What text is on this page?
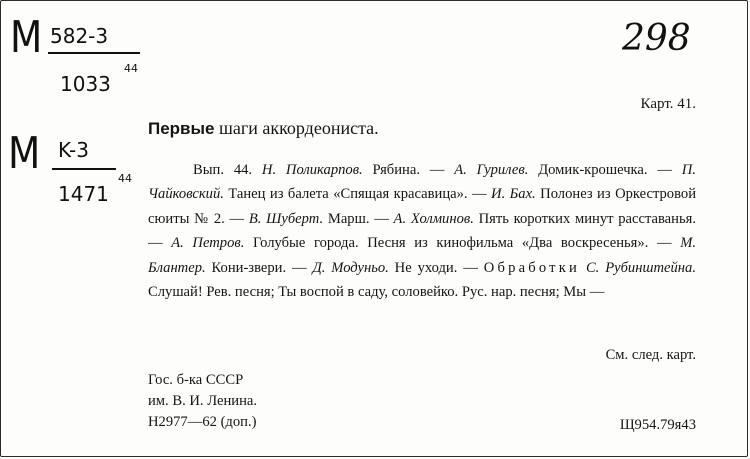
M 582-3
1033
44
M K-3
1471
44
298
Карт. 41.
Первые шаги аккордеониста.
Вып. 44. Н. Поликарпов. Рябина. — А. Гурилев. Домик-крошечка. — П. Чайковский. Танец из балета «Спящая красавица». — И. Бах. Полонез из Оркестровой сюиты № 2. — В. Шуберт. Марш. — А. Холминов. Пять коротких минут расставанья. — А. Петров. Голубые города. Песня из кинофильма «Два воскресенья». — М. Блантер. Кони-звери. — Д. Модуньо. Не уходи. — Обработки С. Рубинштейна. Слушай! Рев. песня; Ты воспой в саду, соловейко. Рус. нар. песня; Мы —
См. след. карт.
Гос. б-ка СССР
им. В. И. Ленина.
Н2977—62 (доп.)	Щ954.79я43
